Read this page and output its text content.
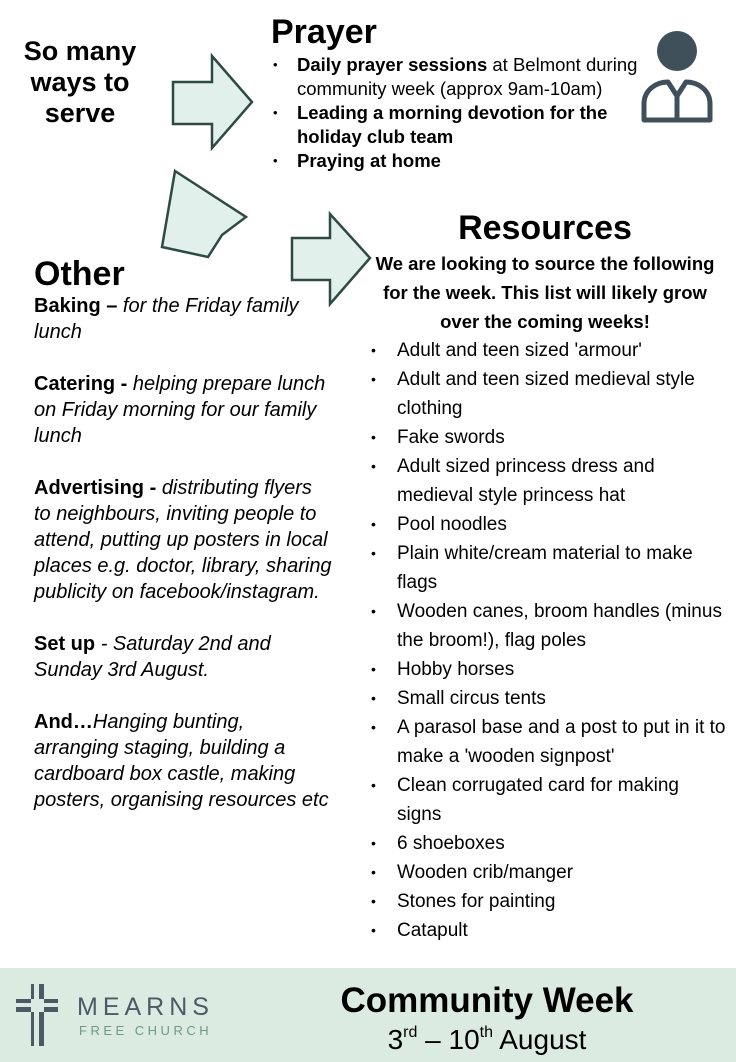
So many ways to serve
Prayer
• Daily prayer sessions at Belmont during community week (approx 9am-10am)
• Leading a morning devotion for the holiday club team
• Praying at home
Other

Baking – for the Friday family lunch

Catering - helping prepare lunch on Friday morning for our family lunch

Advertising - distributing flyers to neighbours, inviting people to attend, putting up posters in local places e.g. doctor, library, sharing publicity on facebook/instagram.

Set up - Saturday 2nd and Sunday 3rd August.

And…Hanging bunting, arranging staging, building a cardboard box castle, making posters, organising resources etc

Resources
We are looking to source the following for the week. This list will likely grow over the coming weeks!
• Adult and teen sized 'armour'
• Adult and teen sized medieval style clothing
• Fake swords
• Adult sized princess dress and medieval style princess hat
• Pool noodles
• Plain white/cream material to make flags
• Wooden canes, broom handles (minus the broom!), flag poles
• Hobby horses
• Small circus tents
• A parasol base and a post to put in it to make a 'wooden signpost'
• Clean corrugated card for making signs
• 6 shoeboxes
• Wooden crib/manger
• Stones for painting
• Catapult
MEARNS
FREE CHURCH
Community Week
3rd – 10th August
